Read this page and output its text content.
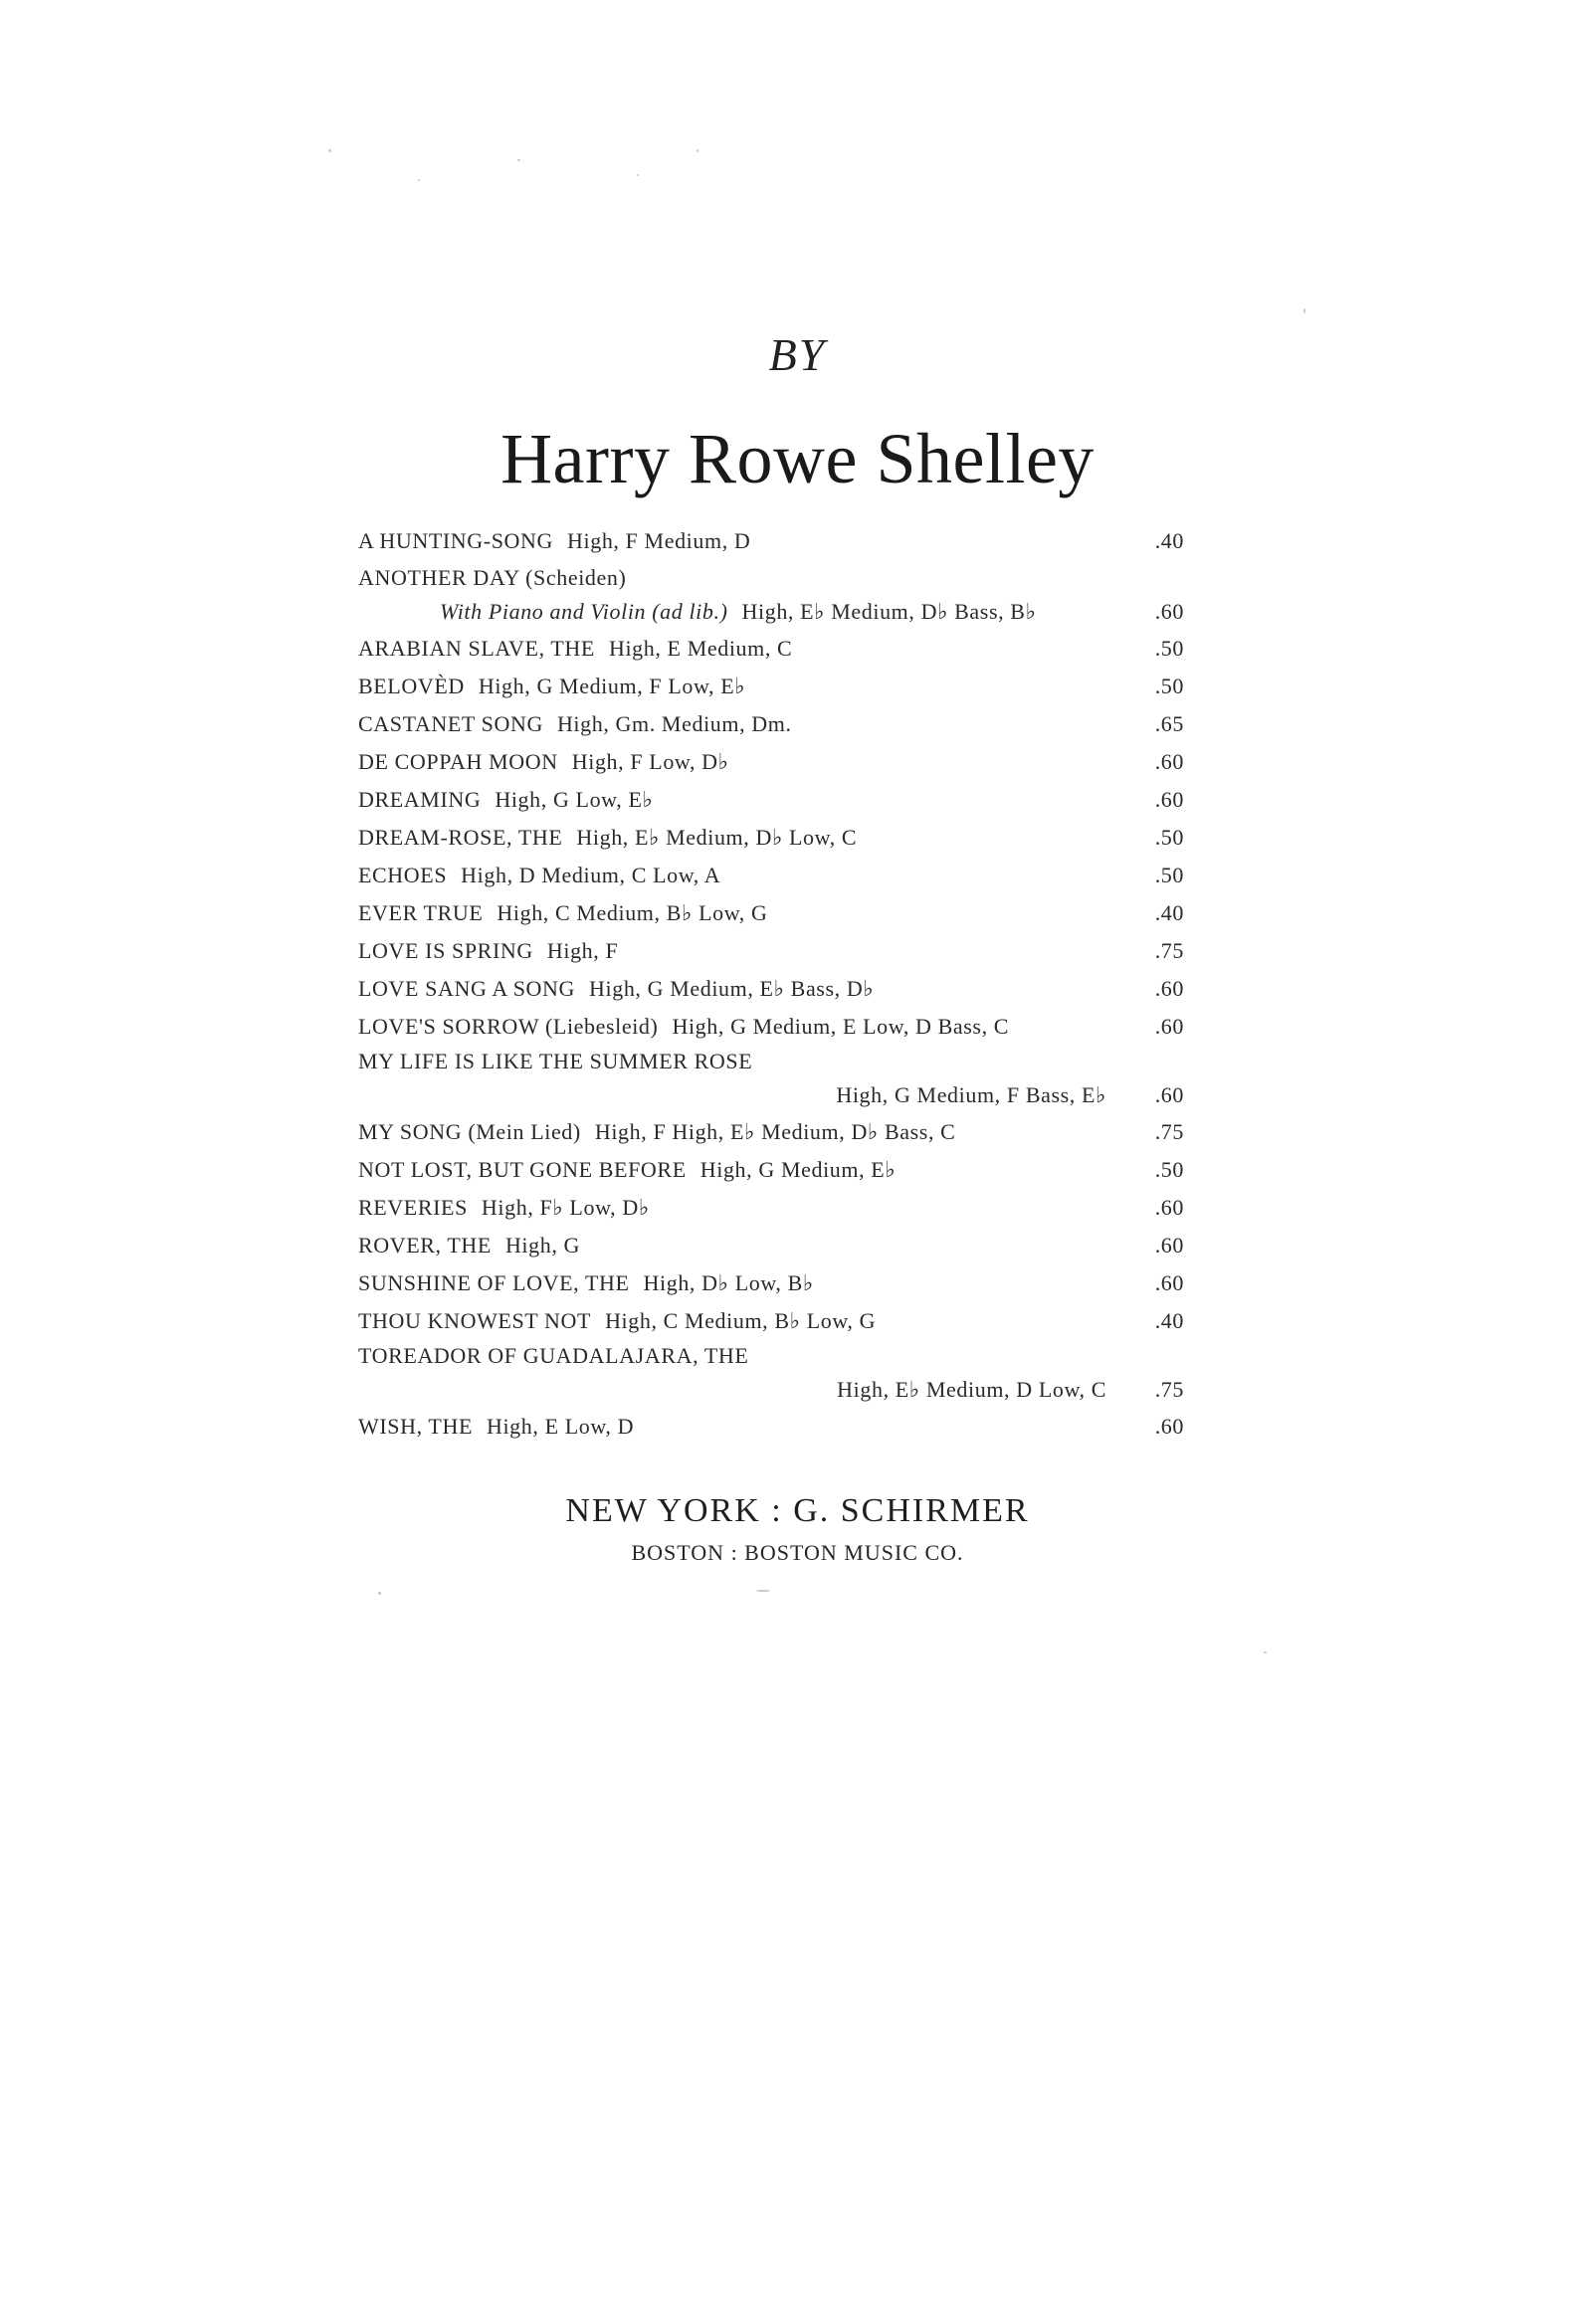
BY
Harry Rowe Shelley
A HUNTING-SONG High, F Medium, D	.40
ANOTHER DAY (Scheiden)
With Piano and Violin (ad lib.) High, E♭ Medium, D♭ Bass, B♭	.60
ARABIAN SLAVE, THE High, E Medium, C	.50
BELOVÈD High, G Medium, F Low, E♭	.50
CASTANET SONG High, Gm. Medium, Dm.	.65
DE COPPAH MOON High, F Low, D♭	.60
DREAMING High, G Low, E♭	.60
DREAM-ROSE, THE High, E♭ Medium, D♭ Low, C	.50
ECHOES High, D Medium, C Low, A	.50
EVER TRUE High, C Medium, B♭ Low, G	.40
LOVE IS SPRING High, F	.75
LOVE SANG A SONG High, G Medium, E♭ Bass, D♭	.60
LOVE'S SORROW (Liebesleid) High, G Medium, E Low, D Bass, C	.60
MY LIFE IS LIKE THE SUMMER ROSE
High, G Medium, F Bass, E♭	.60
MY SONG (Mein Lied) High, F High, E♭ Medium, D♭ Bass, C	.75
NOT LOST, BUT GONE BEFORE High, G Medium, E♭	.50
REVERIES High, F♭ Low, D♭	.60
ROVER, THE High, G	.60
SUNSHINE OF LOVE, THE High, D♭ Low, B♭	.60
THOU KNOWEST NOT High, C Medium, B♭ Low, G	.40
TOREADOR OF GUADALAJARA, THE
High, E♭ Medium, D Low, C	.75
WISH, THE High, E Low, D	.60
NEW YORK : G. SCHIRMER
BOSTON : BOSTON MUSIC CO.
